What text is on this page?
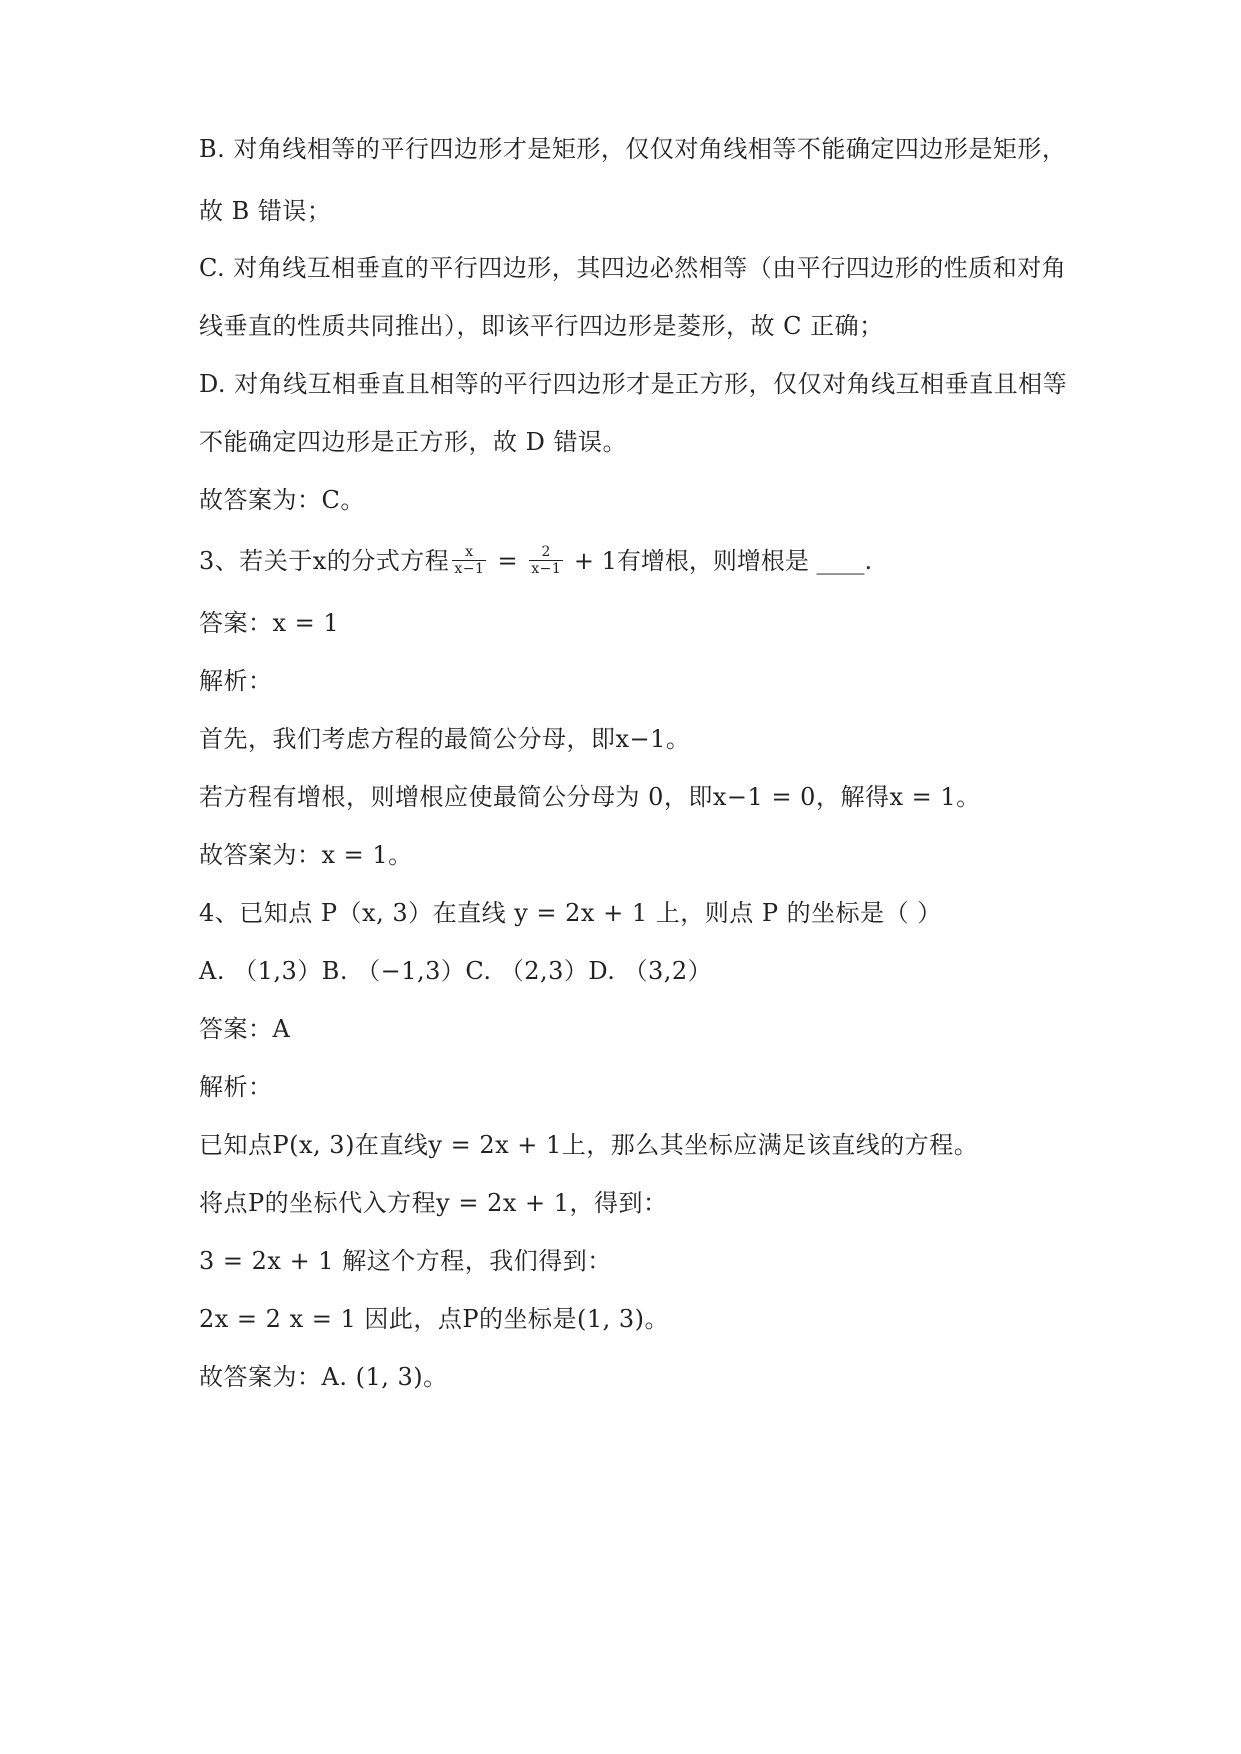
B. 对角线相等的平行四边形才是矩形，仅仅对角线相等不能确定四边形是矩形，
故 B 错误；
C. 对角线互相垂直的平行四边形，其四边必然相等（由平行四边形的性质和对角
线垂直的性质共同推出），即该平行四边形是菱形，故 C 正确；
D. 对角线互相垂直且相等的平行四边形才是正方形，仅仅对角线互相垂直且相等
不能确定四边形是正方形，故 D 错误。
故答案为：C。
3、若关于x的分式方程 $\frac{x}{x-1} = \frac{2}{x-1} + 1$有增根，则增根是 ____.
答案：x = 1
解析：
首先，我们考虑方程的最简公分母，即x−1。
若方程有增根，则增根应使最简公分母为 0，即x−1 = 0，解得x = 1。
故答案为：x = 1。
4、已知点 P（x, 3）在直线 y = 2x + 1 上，则点 P 的坐标是（ ）
A. （1,3）B. （−1,3）C. （2,3）D. （3,2）
答案：A
解析：
已知点P(x, 3)在直线y = 2x + 1上，那么其坐标应满足该直线的方程。
将点P的坐标代入方程y = 2x + 1，得到：
3 = 2x + 1 解这个方程，我们得到：
2x = 2 x = 1 因此，点P的坐标是(1, 3)。
故答案为：A. (1, 3)。
